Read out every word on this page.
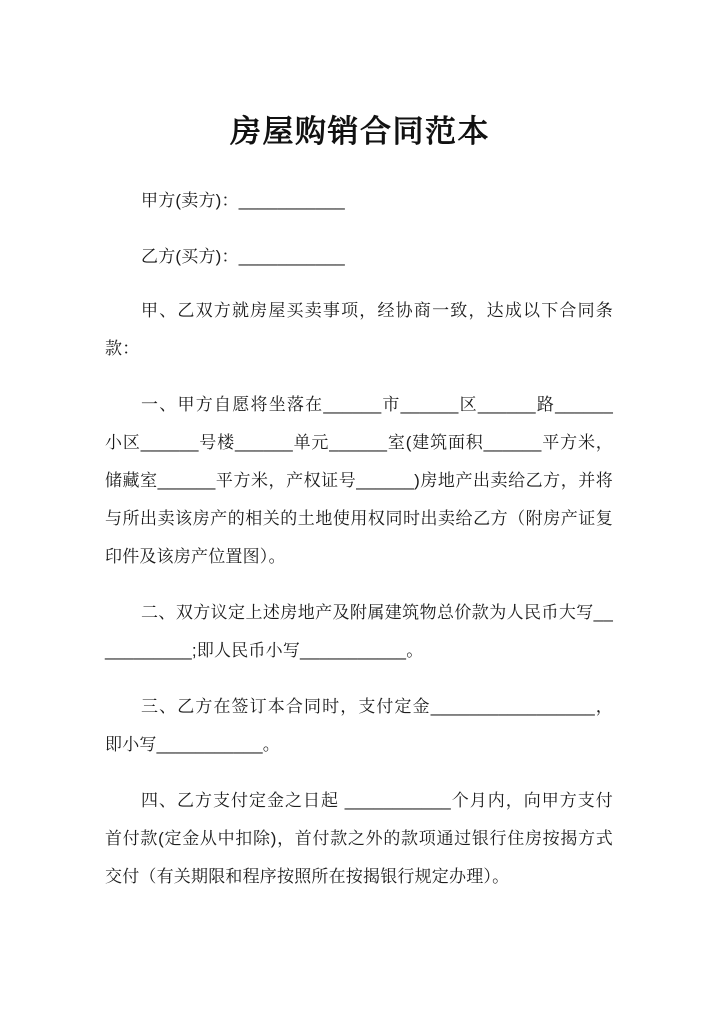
房屋购销合同范本

甲方(卖方)：___________

乙方(买方)：___________

甲、乙双方就房屋买卖事项，经协商一致，达成以下合同条款：

一、甲方自愿将坐落在______市______区______路______小区______号楼______单元______室(建筑面积______平方米，储藏室______平方米，产权证号______)房地产出卖给乙方，并将与所出卖该房产的相关的土地使用权同时出卖给乙方（附房产证复印件及该房产位置图）。

二、双方议定上述房地产及附属建筑物总价款为人民币大写___________;即人民币小写___________。

三、乙方在签订本合同时，支付定金_________________，即小写___________。

四、乙方支付定金之日起 ___________个月内，向甲方支付首付款(定金从中扣除)，首付款之外的款项通过银行住房按揭方式交付（有关期限和程序按照所在按揭银行规定办理）。
